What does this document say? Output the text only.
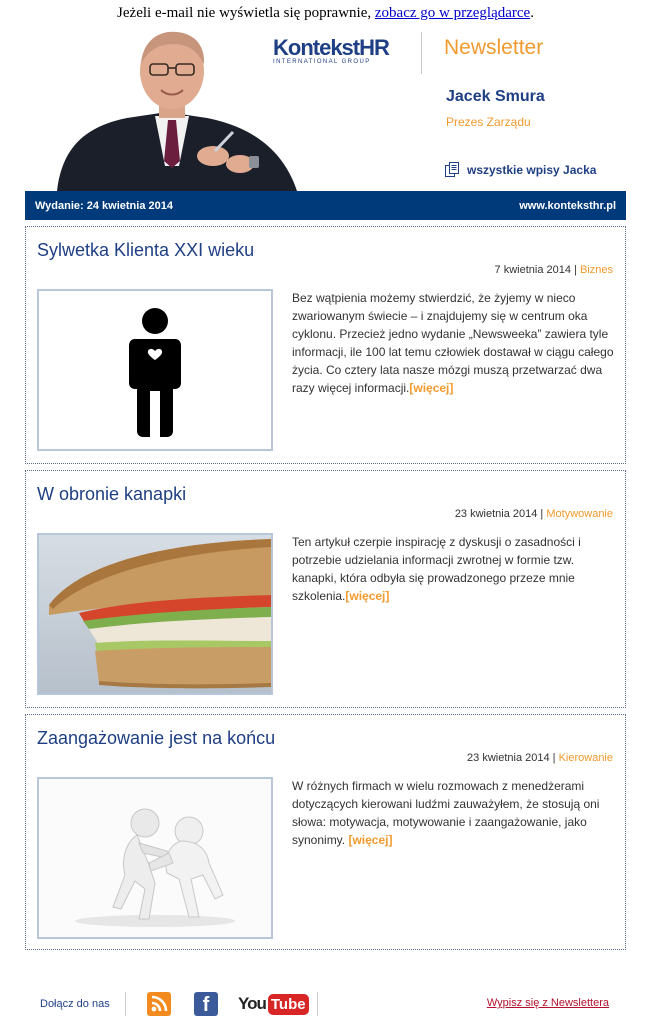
Jeżeli e-mail nie wyświetla się poprawnie, zobacz go w przeglądarce.
KontekstHR
INTERNATIONAL GROUP
Newsletter
Jacek Smura
Prezes Zarządu
wszystkie wpisy Jacka
Wydanie: 24 kwietnia 2014	www.konteksthr.pl
Sylwetka Klienta XXI wieku
7 kwietnia 2014 | Biznes
Bez wątpienia możemy stwierdzić, że żyjemy w nieco zwariowanym świecie – i znajdujemy się w centrum oka cyklonu. Przecież jedno wydanie „Newsweeka” zawiera tyle informacji, ile 100 lat temu człowiek dostawał w ciągu całego życia. Co cztery lata nasze mózgi muszą przetwarzać dwa razy więcej informacji.[więcej]
W obronie kanapki
23 kwietnia 2014 | Motywowanie
Ten artykuł czerpie inspirację z dyskusji o zasadności i potrzebie udzielania informacji zwrotnej w formie tzw. kanapki, która odbyła się prowadzonego przeze mnie szkolenia.[więcej]
Zaangażowanie jest na końcu
23 kwietnia 2014 | Kierowanie
W różnych firmach w wielu rozmowach z menedżerami dotyczących kierowani ludźmi zauważyłem, że stosują oni słowa: motywacja, motywowanie i zaangażowanie, jako synonimy. [więcej]
Dołącz do nas	f	You Tube	Wypisz się z Newslettera
